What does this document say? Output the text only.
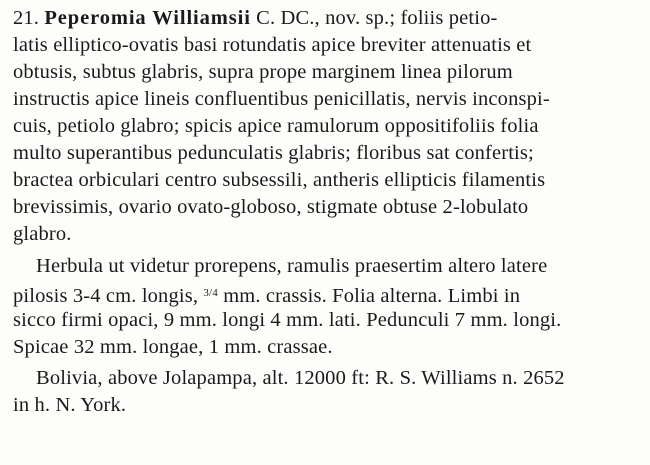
21. Peperomia Williamsii C. DC., nov. sp.; foliis petio-
latis elliptico-ovatis basi rotundatis apice breviter attenuatis et
obtusis, subtus glabris, supra prope marginem linea pilorum
instructis apice lineis confluentibus penicillatis, nervis inconspi-
cuis, petiolo glabro; spicis apice ramulorum oppositifoliis folia
multo superantibus pedunculatis glabris; floribus sat confertis;
bractea orbiculari centro subsessili, antheris ellipticis filamentis
brevissimis, ovario ovato-globoso, stigmate obtuse 2-lobulato
glabro.
Herbula ut videtur prorepens, ramulis praesertim altero latere
pilosis 3-4 cm. longis, $^{3/4}$ mm. crassis. Folia alterna. Limbi in
sicco firmi opaci, 9 mm. longi 4 mm. lati. Pedunculi 7 mm. longi.
Spicae 32 mm. longae, 1 mm. crassae.
Bolivia, above Jolapampa, alt. 12000 ft: R. S. Williams n. 2652
in h. N. York.
